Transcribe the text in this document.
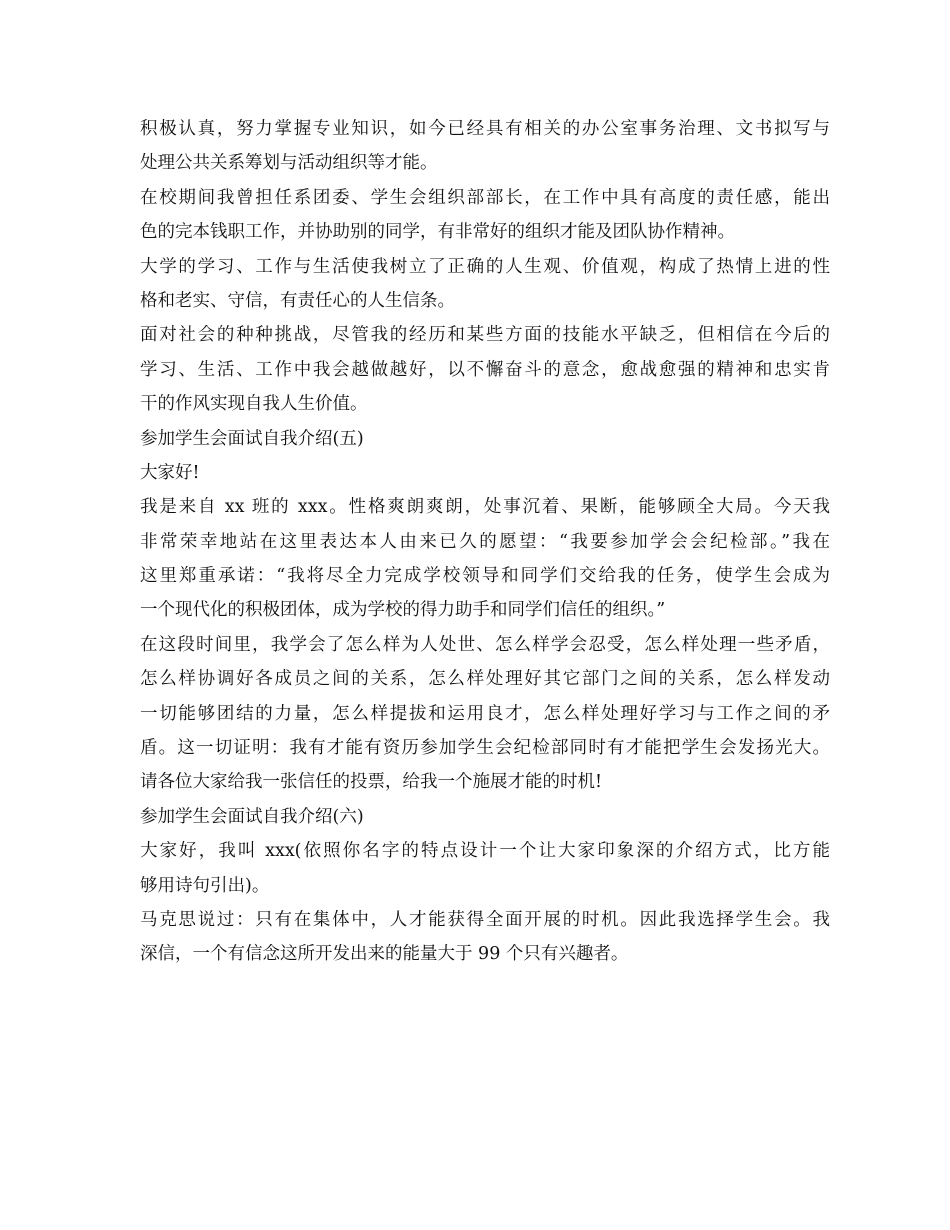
积极认真，努力掌握专业知识，如今已经具有相关的办公室事务治理、文书拟写与
处理公共关系筹划与活动组织等才能。
在校期间我曾担任系团委、学生会组织部部长，在工作中具有高度的责任感，能出
色的完本钱职工作，并协助别的同学，有非常好的组织才能及团队协作精神。
大学的学习、工作与生活使我树立了正确的人生观、价值观，构成了热情上进的性
格和老实、守信，有责任心的人生信条。
面对社会的种种挑战，尽管我的经历和某些方面的技能水平缺乏，但相信在今后的
学习、生活、工作中我会越做越好，以不懈奋斗的意念，愈战愈强的精神和忠实肯
干的作风实现自我人生价值。
参加学生会面试自我介绍(五)
大家好!
我是来自 xx 班的 xxx。性格爽朗爽朗，处事沉着、果断，能够顾全大局。今天我
非常荣幸地站在这里表达本人由来已久的愿望：“我要参加学会会纪检部。”我在
这里郑重承诺：“我将尽全力完成学校领导和同学们交给我的任务，使学生会成为
一个现代化的积极团体，成为学校的得力助手和同学们信任的组织。”
在这段时间里，我学会了怎么样为人处世、怎么样学会忍受，怎么样处理一些矛盾，
怎么样协调好各成员之间的关系，怎么样处理好其它部门之间的关系，怎么样发动
一切能够团结的力量，怎么样提拔和运用良才，怎么样处理好学习与工作之间的矛
盾。这一切证明：我有才能有资历参加学生会纪检部同时有才能把学生会发扬光大。
请各位大家给我一张信任的投票，给我一个施展才能的时机!
参加学生会面试自我介绍(六)
大家好，我叫 xxx(依照你名字的特点设计一个让大家印象深的介绍方式，比方能
够用诗句引出)。
马克思说过：只有在集体中，人才能获得全面开展的时机。因此我选择学生会。我
深信，一个有信念这所开发出来的能量大于 99 个只有兴趣者。
